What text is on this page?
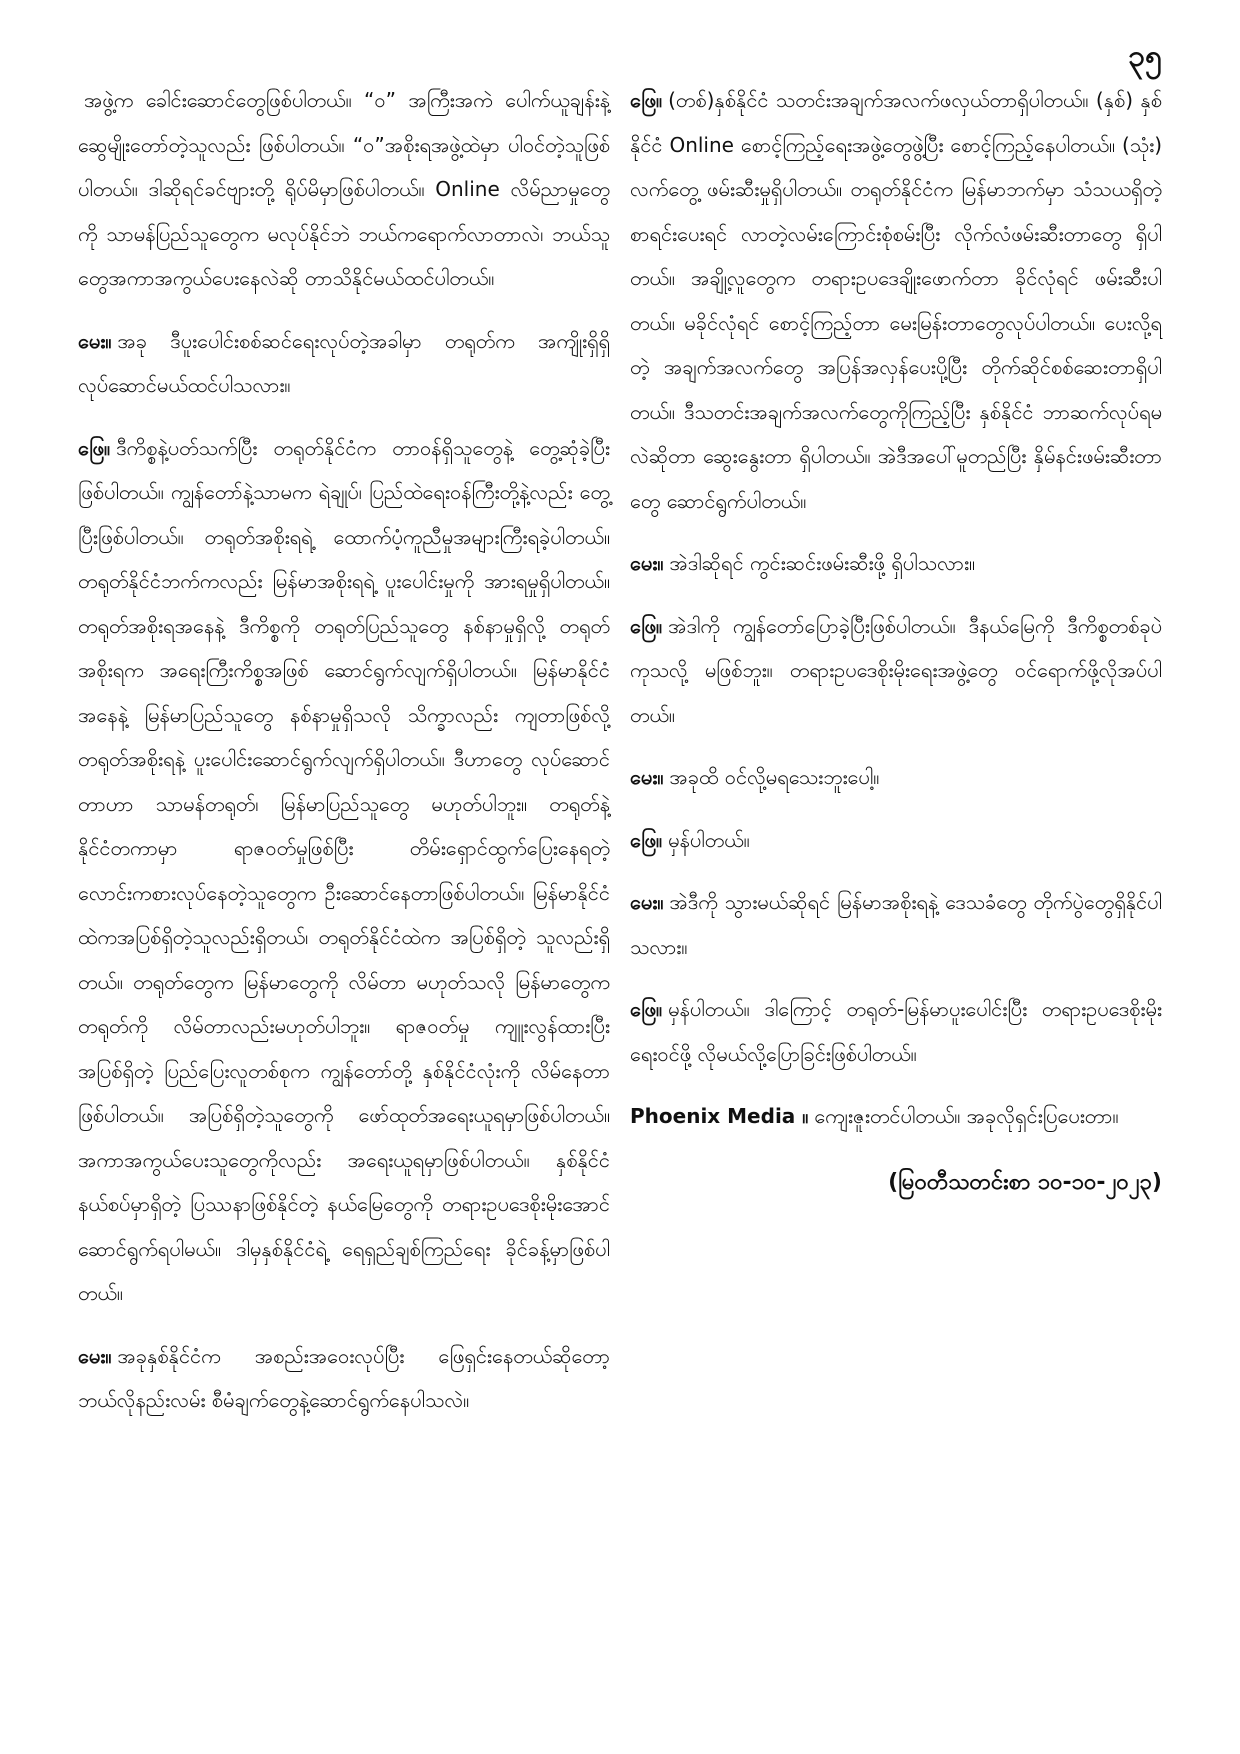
၃၅

အဖွဲ့က ခေါင်းဆောင်တွေဖြစ်ပါတယ်။ “ဝ” အကြီးအကဲ ပေါက်ယူချန်းနဲ့ဆွေမျိုးတော်တဲ့သူလည်း ဖြစ်ပါတယ်။ “ဝ”အစိုးရအဖွဲ့ထဲမှာ ပါဝင်တဲ့သူဖြစ်ပါတယ်။ ဒါဆိုရင်ခင်ဗျားတို့ ရိုပ်မိမှာဖြစ်ပါတယ်။ Online လိမ်ညာမှုတွေကို သာမန်ပြည်သူတွေက မလုပ်နိုင်ဘဲ ဘယ်ကရောက်လာတာလဲ၊ ဘယ်သူတွေအကာအကွယ်ပေးနေလဲဆို တာသိနိုင်မယ်ထင်ပါတယ်။

မေး။ အခု ဒီပူးပေါင်းစစ်ဆင်ရေးလုပ်တဲ့အခါမှာ တရုတ်က အကျိုးရှိရှိလုပ်ဆောင်မယ်ထင်ပါသလား။

ဖြေ။ ဒီကိစ္စနဲ့ပတ်သက်ပြီး တရုတ်နိုင်ငံက တာဝန်ရှိသူတွေနဲ့ တွေ့ဆုံခဲ့ပြီး ဖြစ်ပါတယ်။ ကျွန်တော်နဲ့သာမက ရဲချုပ်၊ ပြည်ထဲရေးဝန်ကြီးတို့နဲ့လည်း တွေ့ပြီးဖြစ်ပါတယ်။ တရုတ်အစိုးရရဲ့ ထောက်ပံ့ကူညီမှုအများကြီးရခဲ့ပါတယ်။ တရုတ်နိုင်ငံဘက်ကလည်း မြန်မာအစိုးရရဲ့ ပူးပေါင်းမှုကို အားရမှုရှိပါတယ်။ တရုတ်အစိုးရအနေနဲ့ ဒီကိစ္စကို တရုတ်ပြည်သူတွေ နစ်နာမှုရှိလို့ တရုတ်အစိုးရက အရေးကြီးကိစ္စအဖြစ် ဆောင်ရွက်လျက်ရှိပါတယ်။ မြန်မာနိုင်ငံအနေနဲ့ မြန်မာပြည်သူတွေ နစ်နာမှုရှိသလို သိက္ခာလည်း ကျတာဖြစ်လို့ တရုတ်အစိုးရနဲ့ ပူးပေါင်းဆောင်ရွက်လျက်ရှိပါတယ်။ ဒီဟာတွေ လုပ်ဆောင်တာဟာ သာမန်တရုတ်၊ မြန်မာပြည်သူတွေ မဟုတ်ပါဘူး။ တရုတ်နဲ့ နိုင်ငံတကာမှာ ရာဇဝတ်မှုဖြစ်ပြီး တိမ်းရှောင်ထွက်ပြေးနေရတဲ့ လောင်းကစားလုပ်နေတဲ့သူတွေက ဦးဆောင်နေတာဖြစ်ပါတယ်။ မြန်မာနိုင်ငံထဲကအပြစ်ရှိတဲ့သူလည်းရှိတယ်၊ တရုတ်နိုင်ငံထဲက အပြစ်ရှိတဲ့ သူလည်းရှိတယ်။ တရုတ်တွေက မြန်မာတွေကို လိမ်တာ မဟုတ်သလို မြန်မာတွေက တရုတ်ကို လိမ်တာလည်းမဟုတ်ပါဘူး။ ရာဇဝတ်မှု ကျူးလွန်ထားပြီး အပြစ်ရှိတဲ့ ပြည်ပြေးလူတစ်စုက ကျွန်တော်တို့ နှစ်နိုင်ငံလုံးကို လိမ်နေတာဖြစ်ပါတယ်။ အပြစ်ရှိတဲ့သူတွေကို ဖော်ထုတ်အရေးယူရမှာဖြစ်ပါတယ်။ အကာအကွယ်ပေးသူတွေကိုလည်း အရေးယူရမှာဖြစ်ပါတယ်။ နှစ်နိုင်ငံ နယ်စပ်မှာရှိတဲ့ ပြဿနာဖြစ်နိုင်တဲ့ နယ်မြေတွေကို တရားဥပဒေစိုးမိုးအောင် ဆောင်ရွက်ရပါမယ်။ ဒါမှနှစ်နိုင်ငံရဲ့ ရေရှည်ချစ်ကြည်ရေး ခိုင်ခန့်မှာဖြစ်ပါတယ်။

မေး။ အခုနှစ်နိုင်ငံက အစည်းအဝေးလုပ်ပြီး ဖြေရှင်းနေတယ်ဆိုတော့ ဘယ်လိုနည်းလမ်း စီမံချက်တွေနဲ့ဆောင်ရွက်နေပါသလဲ။

ဖြေ။ (တစ်)နှစ်နိုင်ငံ သတင်းအချက်အလက်ဖလှယ်တာရှိပါတယ်။ (နှစ်) နှစ်နိုင်ငံ Online စောင့်ကြည့်ရေးအဖွဲ့တွေဖွဲ့ပြီး စောင့်ကြည့်နေပါတယ်။ (သုံး) လက်တွေ့ ဖမ်းဆီးမှုရှိပါတယ်။ တရုတ်နိုင်ငံက မြန်မာဘက်မှာ သံသယရှိတဲ့ စာရင်းပေးရင် လာတဲ့လမ်းကြောင်းစုံစမ်းပြီး လိုက်လံဖမ်းဆီးတာတွေ ရှိပါတယ်။ အချို့လူတွေက တရားဥပဒေချိုးဖောက်တာ ခိုင်လုံရင် ဖမ်းဆီးပါတယ်။ မခိုင်လုံရင် စောင့်ကြည့်တာ မေးမြန်းတာတွေလုပ်ပါတယ်။ ပေးလို့ရတဲ့ အချက်အလက်တွေ အပြန်အလှန်ပေးပို့ပြီး တိုက်ဆိုင်စစ်ဆေးတာရှိပါတယ်။ ဒီသတင်းအချက်အလက်တွေကိုကြည့်ပြီး နှစ်နိုင်ငံ ဘာဆက်လုပ်ရမလဲဆိုတာ ဆွေးနွေးတာ ရှိပါတယ်။ အဲဒီအပေါ်မူတည်ပြီး နှိမ်နင်းဖမ်းဆီးတာတွေ ဆောင်ရွက်ပါတယ်။

မေး။ အဲဒါဆိုရင် ကွင်းဆင်းဖမ်းဆီးဖို့ ရှိပါသလား။

ဖြေ။ အဲဒါကို ကျွန်တော်ပြောခဲ့ပြီးဖြစ်ပါတယ်။ ဒီနယ်မြေကို ဒီကိစ္စတစ်ခုပဲ ကုသလို့ မဖြစ်ဘူး။ တရားဥပဒေစိုးမိုးရေးအဖွဲ့တွေ ဝင်ရောက်ဖို့လိုအပ်ပါတယ်။

မေး။ အခုထိ ဝင်လို့မရသေးဘူးပေါ့။

ဖြေ။ မှန်ပါတယ်။

မေး။ အဲဒီကို သွားမယ်ဆိုရင် မြန်မာအစိုးရနဲ့ ဒေသခံတွေ တိုက်ပွဲတွေရှိနိုင်ပါသလား။

ဖြေ။ မှန်ပါတယ်။ ဒါကြောင့် တရုတ်-မြန်မာပူးပေါင်းပြီး တရားဥပဒေစိုးမိုးရေးဝင်ဖို့ လိုမယ်လို့ပြောခြင်းဖြစ်ပါတယ်။

Phoenix Media ။ ကျေးဇူးတင်ပါတယ်။ အခုလိုရှင်းပြပေးတာ။

(မြဝတီသတင်းစာ ၁၀-၁၀-၂၀၂၃)
